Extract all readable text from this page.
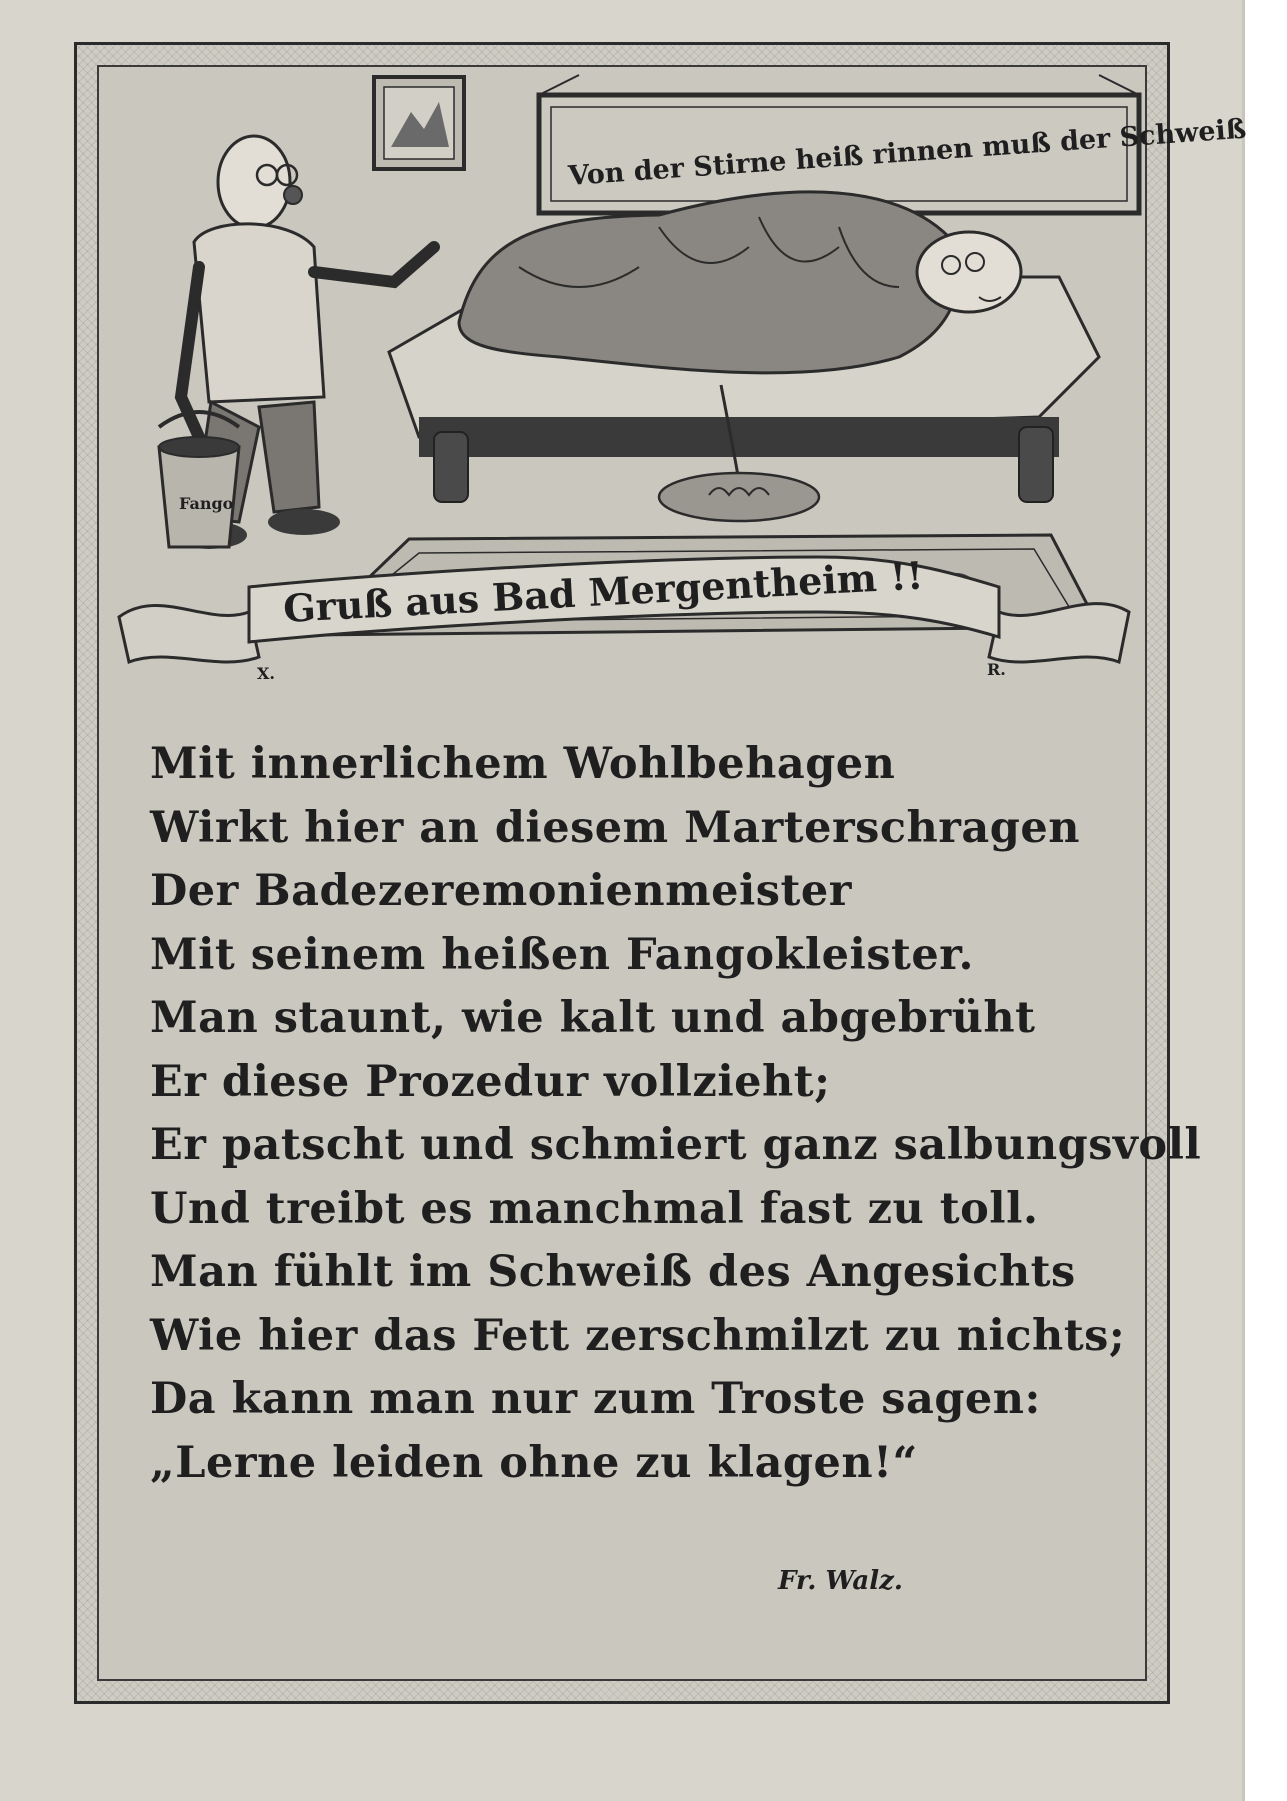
Von der Stirne heiß rinnen muß der Schweiß
Fango
Gruß aus Bad Mergentheim !!
X.	R.
Mit innerlichem Wohlbehagen
Wirkt hier an diesem Marterschragen
Der Badezeremonienmeister
Mit seinem heißen Fangokleister.
Man staunt, wie kalt und abgebrüht
Er diese Prozedur vollzieht;
Er patscht und schmiert ganz salbungsvoll
Und treibt es manchmal fast zu toll.
Man fühlt im Schweiß des Angesichts
Wie hier das Fett zerschmilzt zu nichts;
Da kann man nur zum Troste sagen:
„Lerne leiden ohne zu klagen!“
Fr. Walz.
